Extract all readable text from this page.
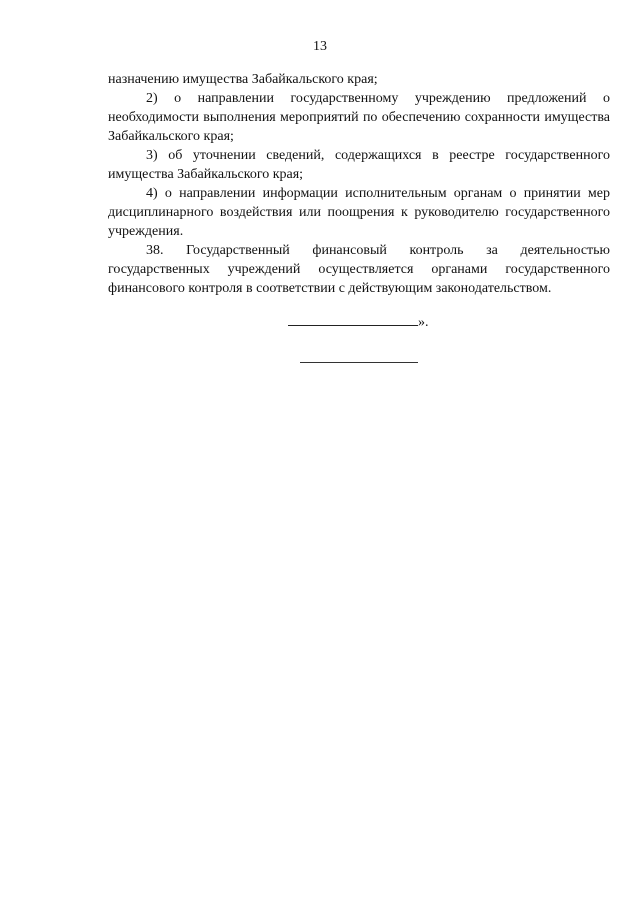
13

назначению имущества Забайкальского края;

2) о направлении государственному учреждению предложений о необходимости выполнения мероприятий по обеспечению сохранности имущества Забайкальского края;

3) об уточнении сведений, содержащихся в реестре государственного имущества Забайкальского края;

4) о направлении информации исполнительным органам о принятии мер дисциплинарного воздействия или поощрения к руководителю государственного учреждения.

38. Государственный финансовый контроль за деятельностью государственных учреждений осуществляется органами государственного финансового контроля в соответствии с действующим законодательством.

».
